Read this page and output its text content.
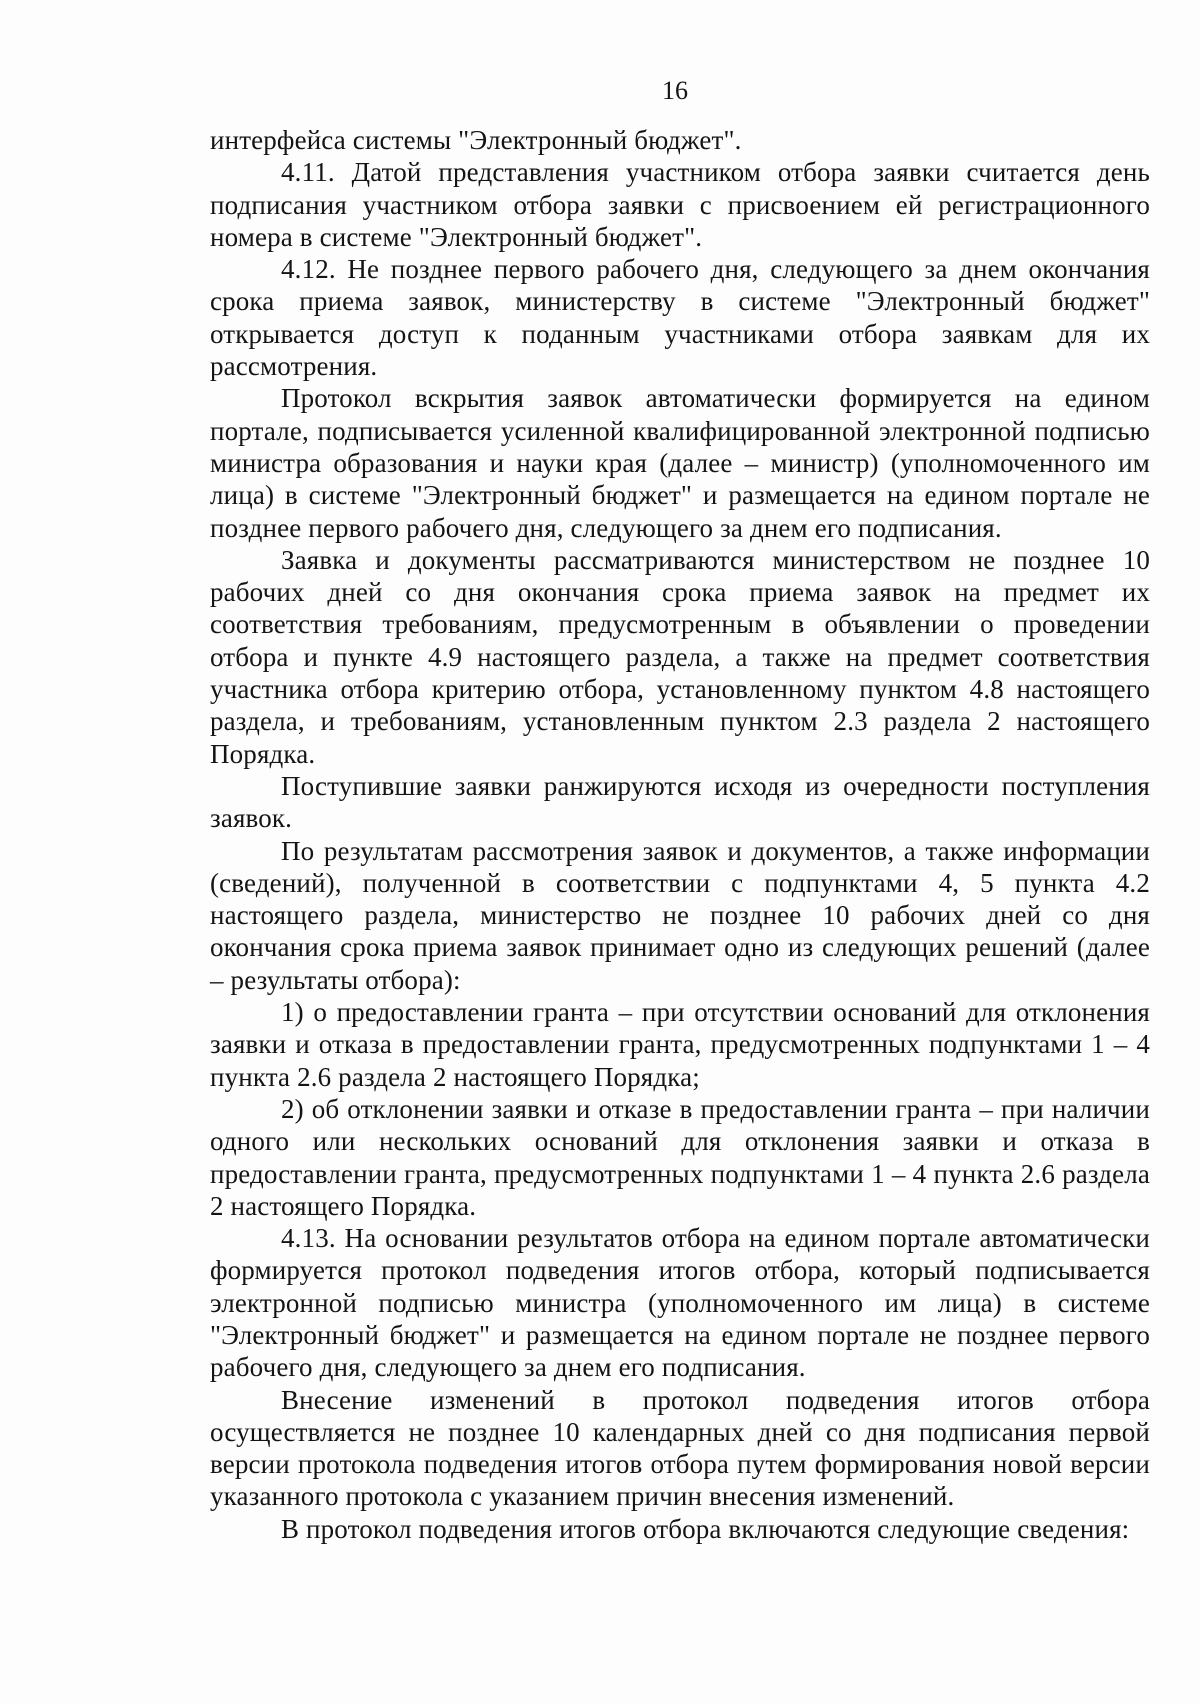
16

интерфейса системы "Электронный бюджет".

4.11. Датой представления участником отбора заявки считается день подписания участником отбора заявки с присвоением ей регистрационного номера в системе "Электронный бюджет".

4.12. Не позднее первого рабочего дня, следующего за днем окончания срока приема заявок, министерству в системе "Электронный бюджет" открывается доступ к поданным участниками отбора заявкам для их рассмотрения.

Протокол вскрытия заявок автоматически формируется на едином портале, подписывается усиленной квалифицированной электронной подписью министра образования и науки края (далее – министр) (уполномоченного им лица) в системе "Электронный бюджет" и размещается на едином портале не позднее первого рабочего дня, следующего за днем его подписания.

Заявка и документы рассматриваются министерством не позднее 10 рабочих дней со дня окончания срока приема заявок на предмет их соответствия требованиям, предусмотренным в объявлении о проведении отбора и пункте 4.9 настоящего раздела, а также на предмет соответствия участника отбора критерию отбора, установленному пунктом 4.8 настоящего раздела, и требованиям, установленным пунктом 2.3 раздела 2 настоящего Порядка.

Поступившие заявки ранжируются исходя из очередности поступления заявок.

По результатам рассмотрения заявок и документов, а также информации (сведений), полученной в соответствии с подпунктами 4, 5 пункта 4.2 настоящего раздела, министерство не позднее 10 рабочих дней со дня окончания срока приема заявок принимает одно из следующих решений (далее – результаты отбора):

1) о предоставлении гранта – при отсутствии оснований для отклонения заявки и отказа в предоставлении гранта, предусмотренных подпунктами 1 – 4 пункта 2.6 раздела 2 настоящего Порядка;

2) об отклонении заявки и отказе в предоставлении гранта – при наличии одного или нескольких оснований для отклонения заявки и отказа в предоставлении гранта, предусмотренных подпунктами 1 – 4 пункта 2.6 раздела 2 настоящего Порядка.

4.13. На основании результатов отбора на едином портале автоматически формируется протокол подведения итогов отбора, который подписывается электронной подписью министра (уполномоченного им лица) в системе "Электронный бюджет" и размещается на едином портале не позднее первого рабочего дня, следующего за днем его подписания.

Внесение изменений в протокол подведения итогов отбора осуществляется не позднее 10 календарных дней со дня подписания первой версии протокола подведения итогов отбора путем формирования новой версии указанного протокола с указанием причин внесения изменений.

В протокол подведения итогов отбора включаются следующие сведения:
